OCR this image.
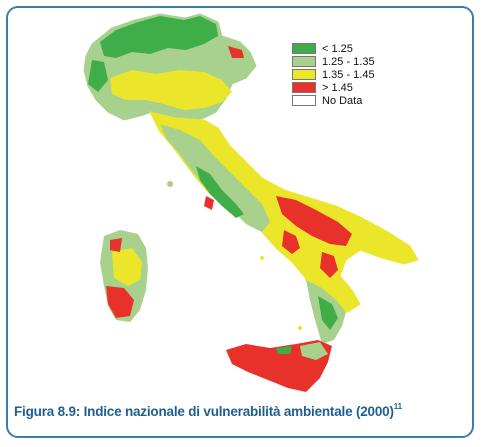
< 1.25
1.25 - 1.35
1.35 - 1.45
> 1.45
No Data
Figura 8.9: Indice nazionale di vulnerabilità ambientale $(2000)^{11}$
